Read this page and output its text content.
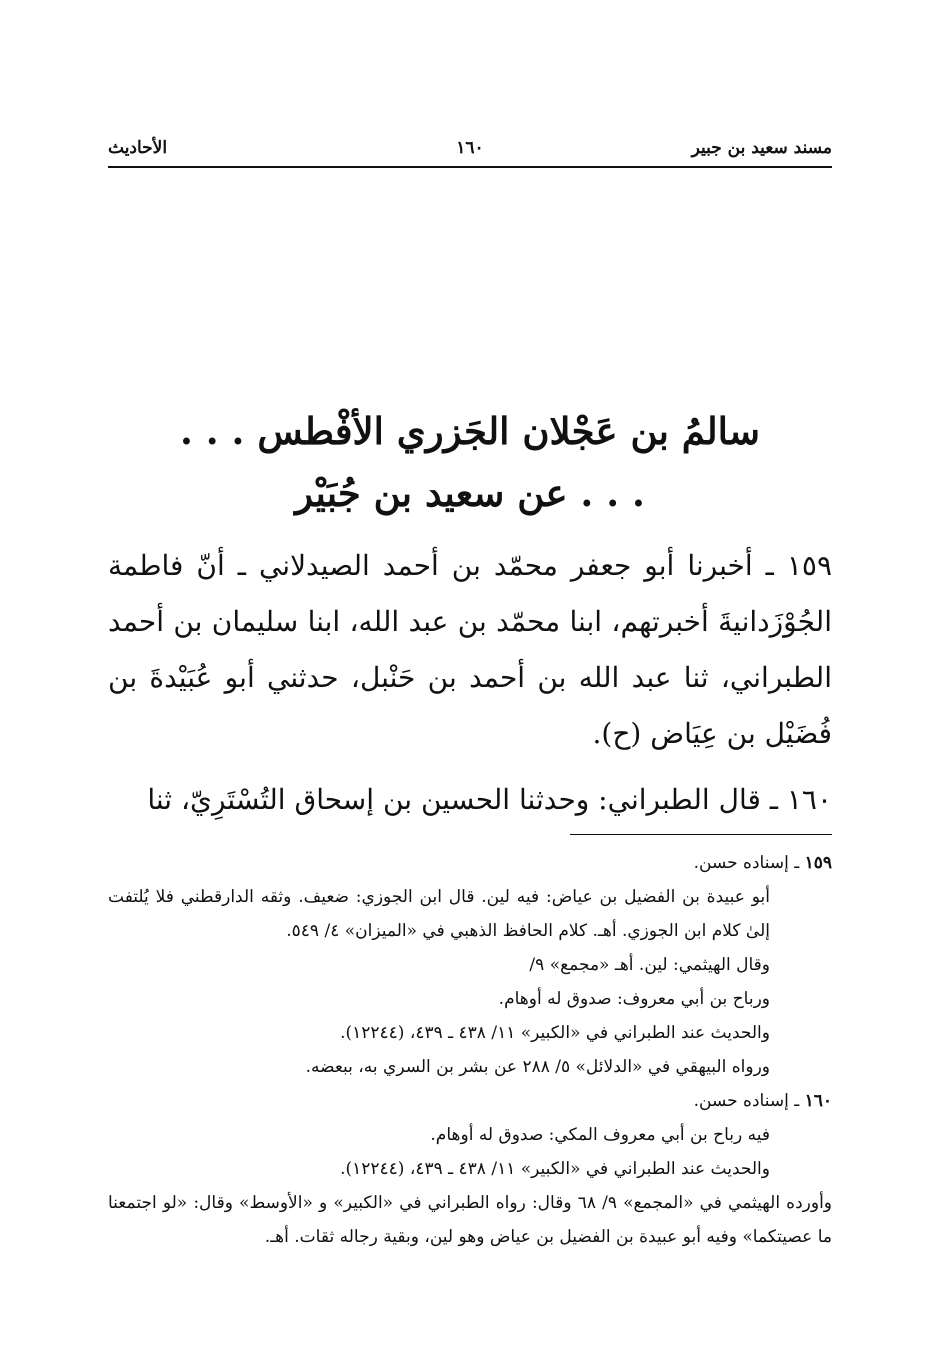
مسند سعيد بن جبير
١٦٠
الأحاديث
. . . سالمُ بن عَجْلان الجَزري الأفْطس
عن سعيد بن جُبَيْر . . .

١٥٩ ـ أخبرنا أبو جعفر محمّد بن أحمد الصيدلاني ـ أنّ فاطمة الجُوْزَدانيةَ أخبرتهم، ابنا محمّد بن عبد الله، ابنا سليمان بن أحمد الطبراني، ثنا عبد الله بن أحمد بن حَنْبل، حدثني أبو عُبَيْدةَ بن فُضَيْل بن عِيَاض (ح).

١٦٠ ـ قال الطبراني: وحدثنا الحسين بن إسحاق التُسْتَرِيّ، ثنا

١٥٩ ـ إسناده حسن.

أبو عبيدة بن الفضيل بن عياض: فيه لين. قال ابن الجوزي: ضعيف. وثقه الدارقطني فلا يُلتفت إلىٰ كلام ابن الجوزي. أهـ. كلام الحافظ الذهبي في «الميزان» ٤/ ٥٤٩.

وقال الهيثمي: لين. أهـ «مجمع» ٩/

ورباح بن أبي معروف: صدوق له أوهام.

والحديث عند الطبراني في «الكبير» ١١/ ٤٣٨ ـ ٤٣٩، (١٢٢٤٤).

ورواه البيهقي في «الدلائل» ٥/ ٢٨٨ عن بشر بن السري به، ببعضه.

١٦٠ ـ إسناده حسن.

فيه رباح بن أبي معروف المكي: صدوق له أوهام.

والحديث عند الطبراني في «الكبير» ١١/ ٤٣٨ ـ ٤٣٩، (١٢٢٤٤).

وأورده الهيثمي في «المجمع» ٩/ ٦٨ وقال: رواه الطبراني في «الكبير» و «الأوسط» وقال: «لو اجتمعنا ما عصيتكما» وفيه أبو عبيدة بن الفضيل بن عياض وهو لين، وبقية رجاله ثقات. أهـ.
